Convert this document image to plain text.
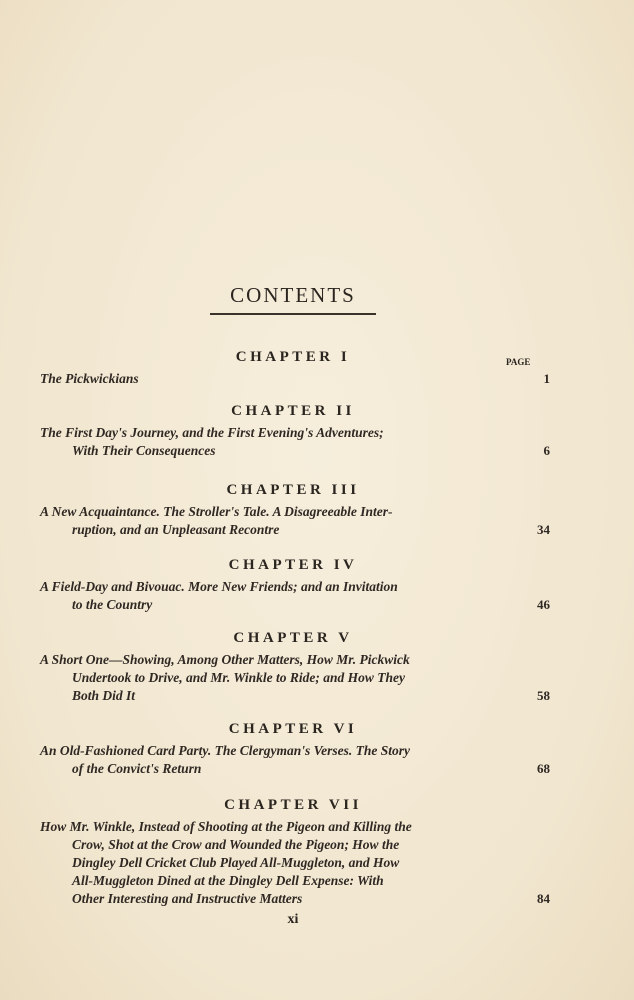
CONTENTS
PAGE
CHAPTER I
The Pickwickians	1
CHAPTER II
The First Day's Journey, and the First Evening's Adventures;
With Their Consequences	6
CHAPTER III
A New Acquaintance. The Stroller's Tale. A Disagreeable Inter-
ruption, and an Unpleasant Recontre	34
CHAPTER IV
A Field-Day and Bivouac. More New Friends; and an Invitation
to the Country	46
CHAPTER V
A Short One—Showing, Among Other Matters, How Mr. Pickwick
Undertook to Drive, and Mr. Winkle to Ride; and How They
Both Did It	58
CHAPTER VI
An Old-Fashioned Card Party. The Clergyman's Verses. The Story
of the Convict's Return	68
CHAPTER VII
How Mr. Winkle, Instead of Shooting at the Pigeon and Killing the
Crow, Shot at the Crow and Wounded the Pigeon; How the
Dingley Dell Cricket Club Played All-Muggleton, and How
All-Muggleton Dined at the Dingley Dell Expense: With
Other Interesting and Instructive Matters	84
xi
